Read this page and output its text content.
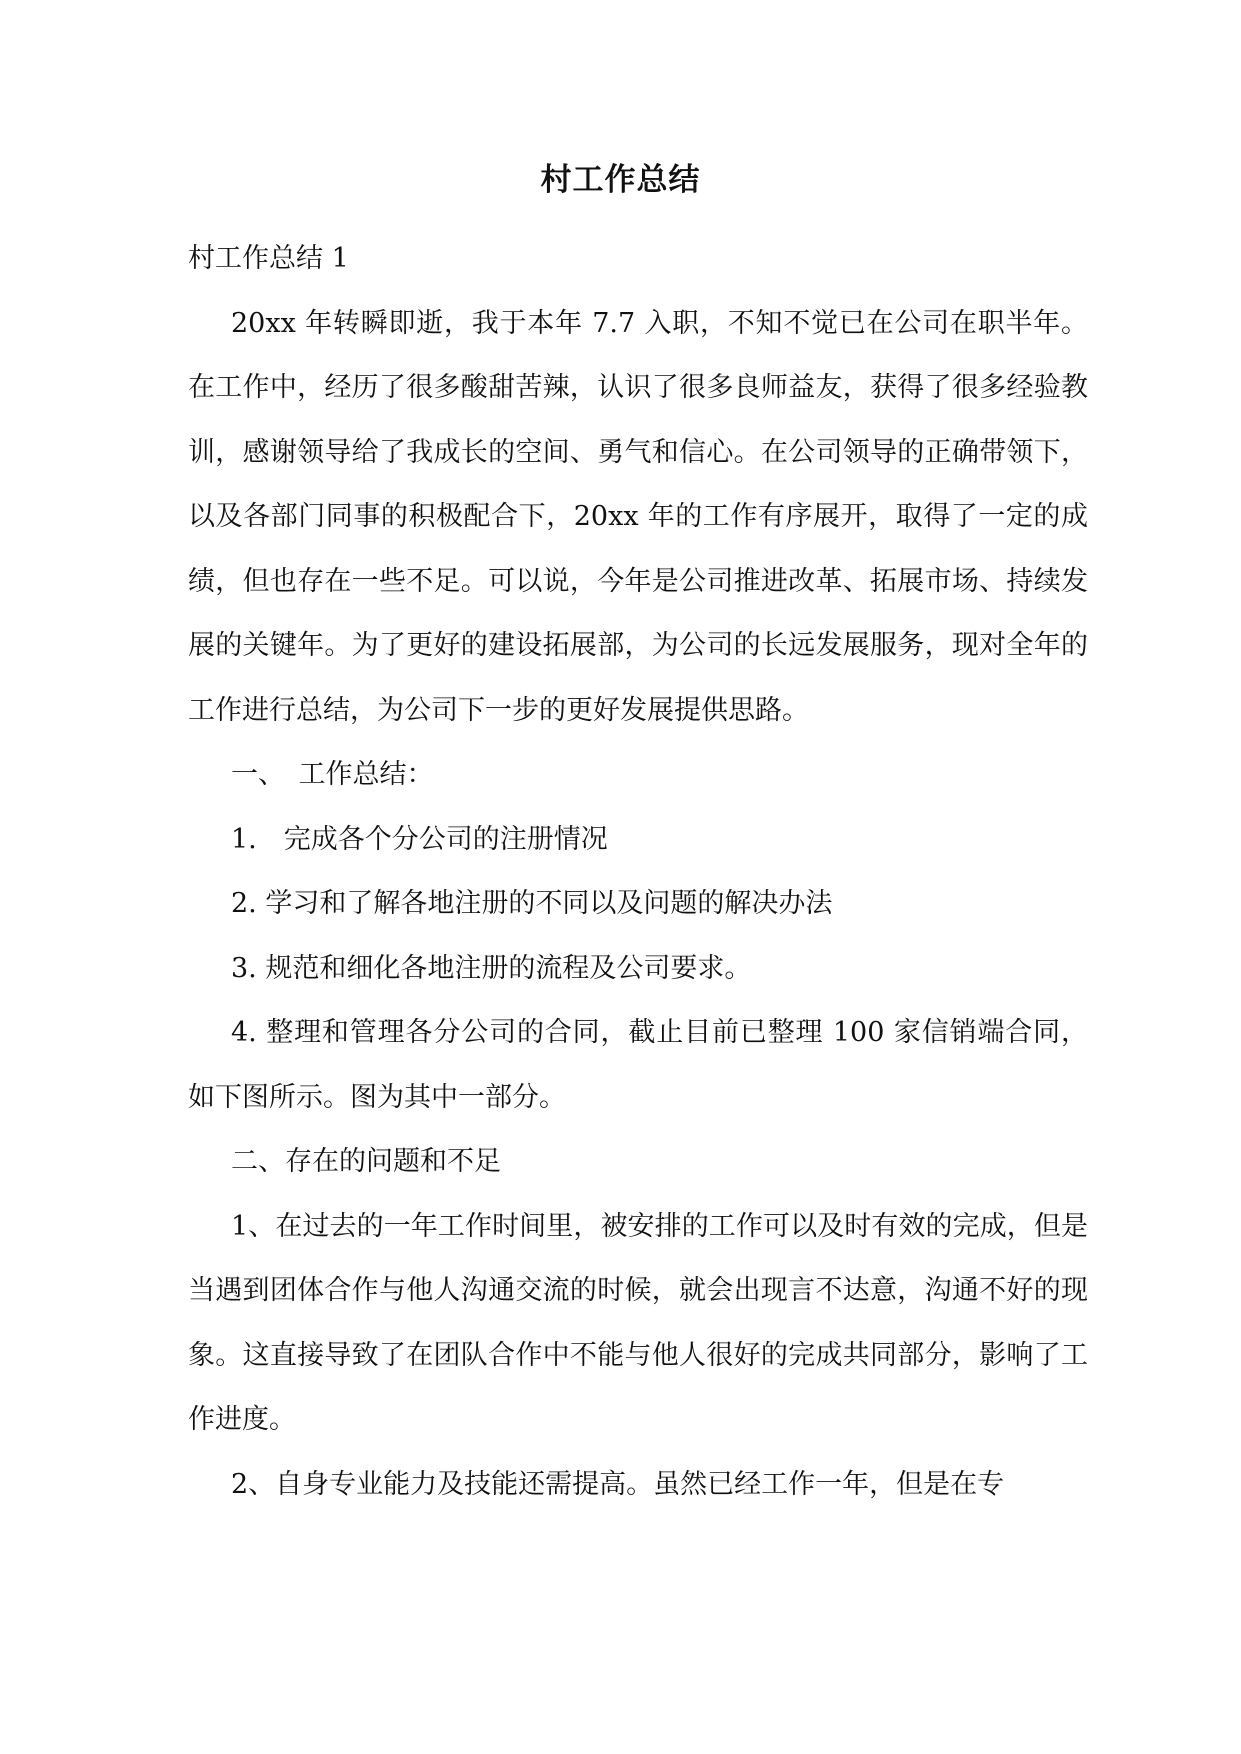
村工作总结

村工作总结 1

20xx 年转瞬即逝，我于本年 7.7 入职，不知不觉已在公司在职半年。在工作中，经历了很多酸甜苦辣，认识了很多良师益友，获得了很多经验教训，感谢领导给了我成长的空间、勇气和信心。在公司领导的正确带领下，以及各部门同事的积极配合下，20xx 年的工作有序展开，取得了一定的成绩，但也存在一些不足。可以说，今年是公司推进改革、拓展市场、持续发展的关键年。为了更好的建设拓展部，为公司的长远发展服务，现对全年的工作进行总结，为公司下一步的更好发展提供思路。

一、　工作总结：

1.　完成各个分公司的注册情况

2. 学习和了解各地注册的不同以及问题的解决办法

3. 规范和细化各地注册的流程及公司要求。

4. 整理和管理各分公司的合同，截止目前已整理 100 家信销端合同，如下图所示。图为其中一部分。

二、存在的问题和不足

1、在过去的一年工作时间里，被安排的工作可以及时有效的完成，但是当遇到团体合作与他人沟通交流的时候，就会出现言不达意，沟通不好的现象。这直接导致了在团队合作中不能与他人很好的完成共同部分，影响了工作进度。

2、自身专业能力及技能还需提高。虽然已经工作一年，但是在专
